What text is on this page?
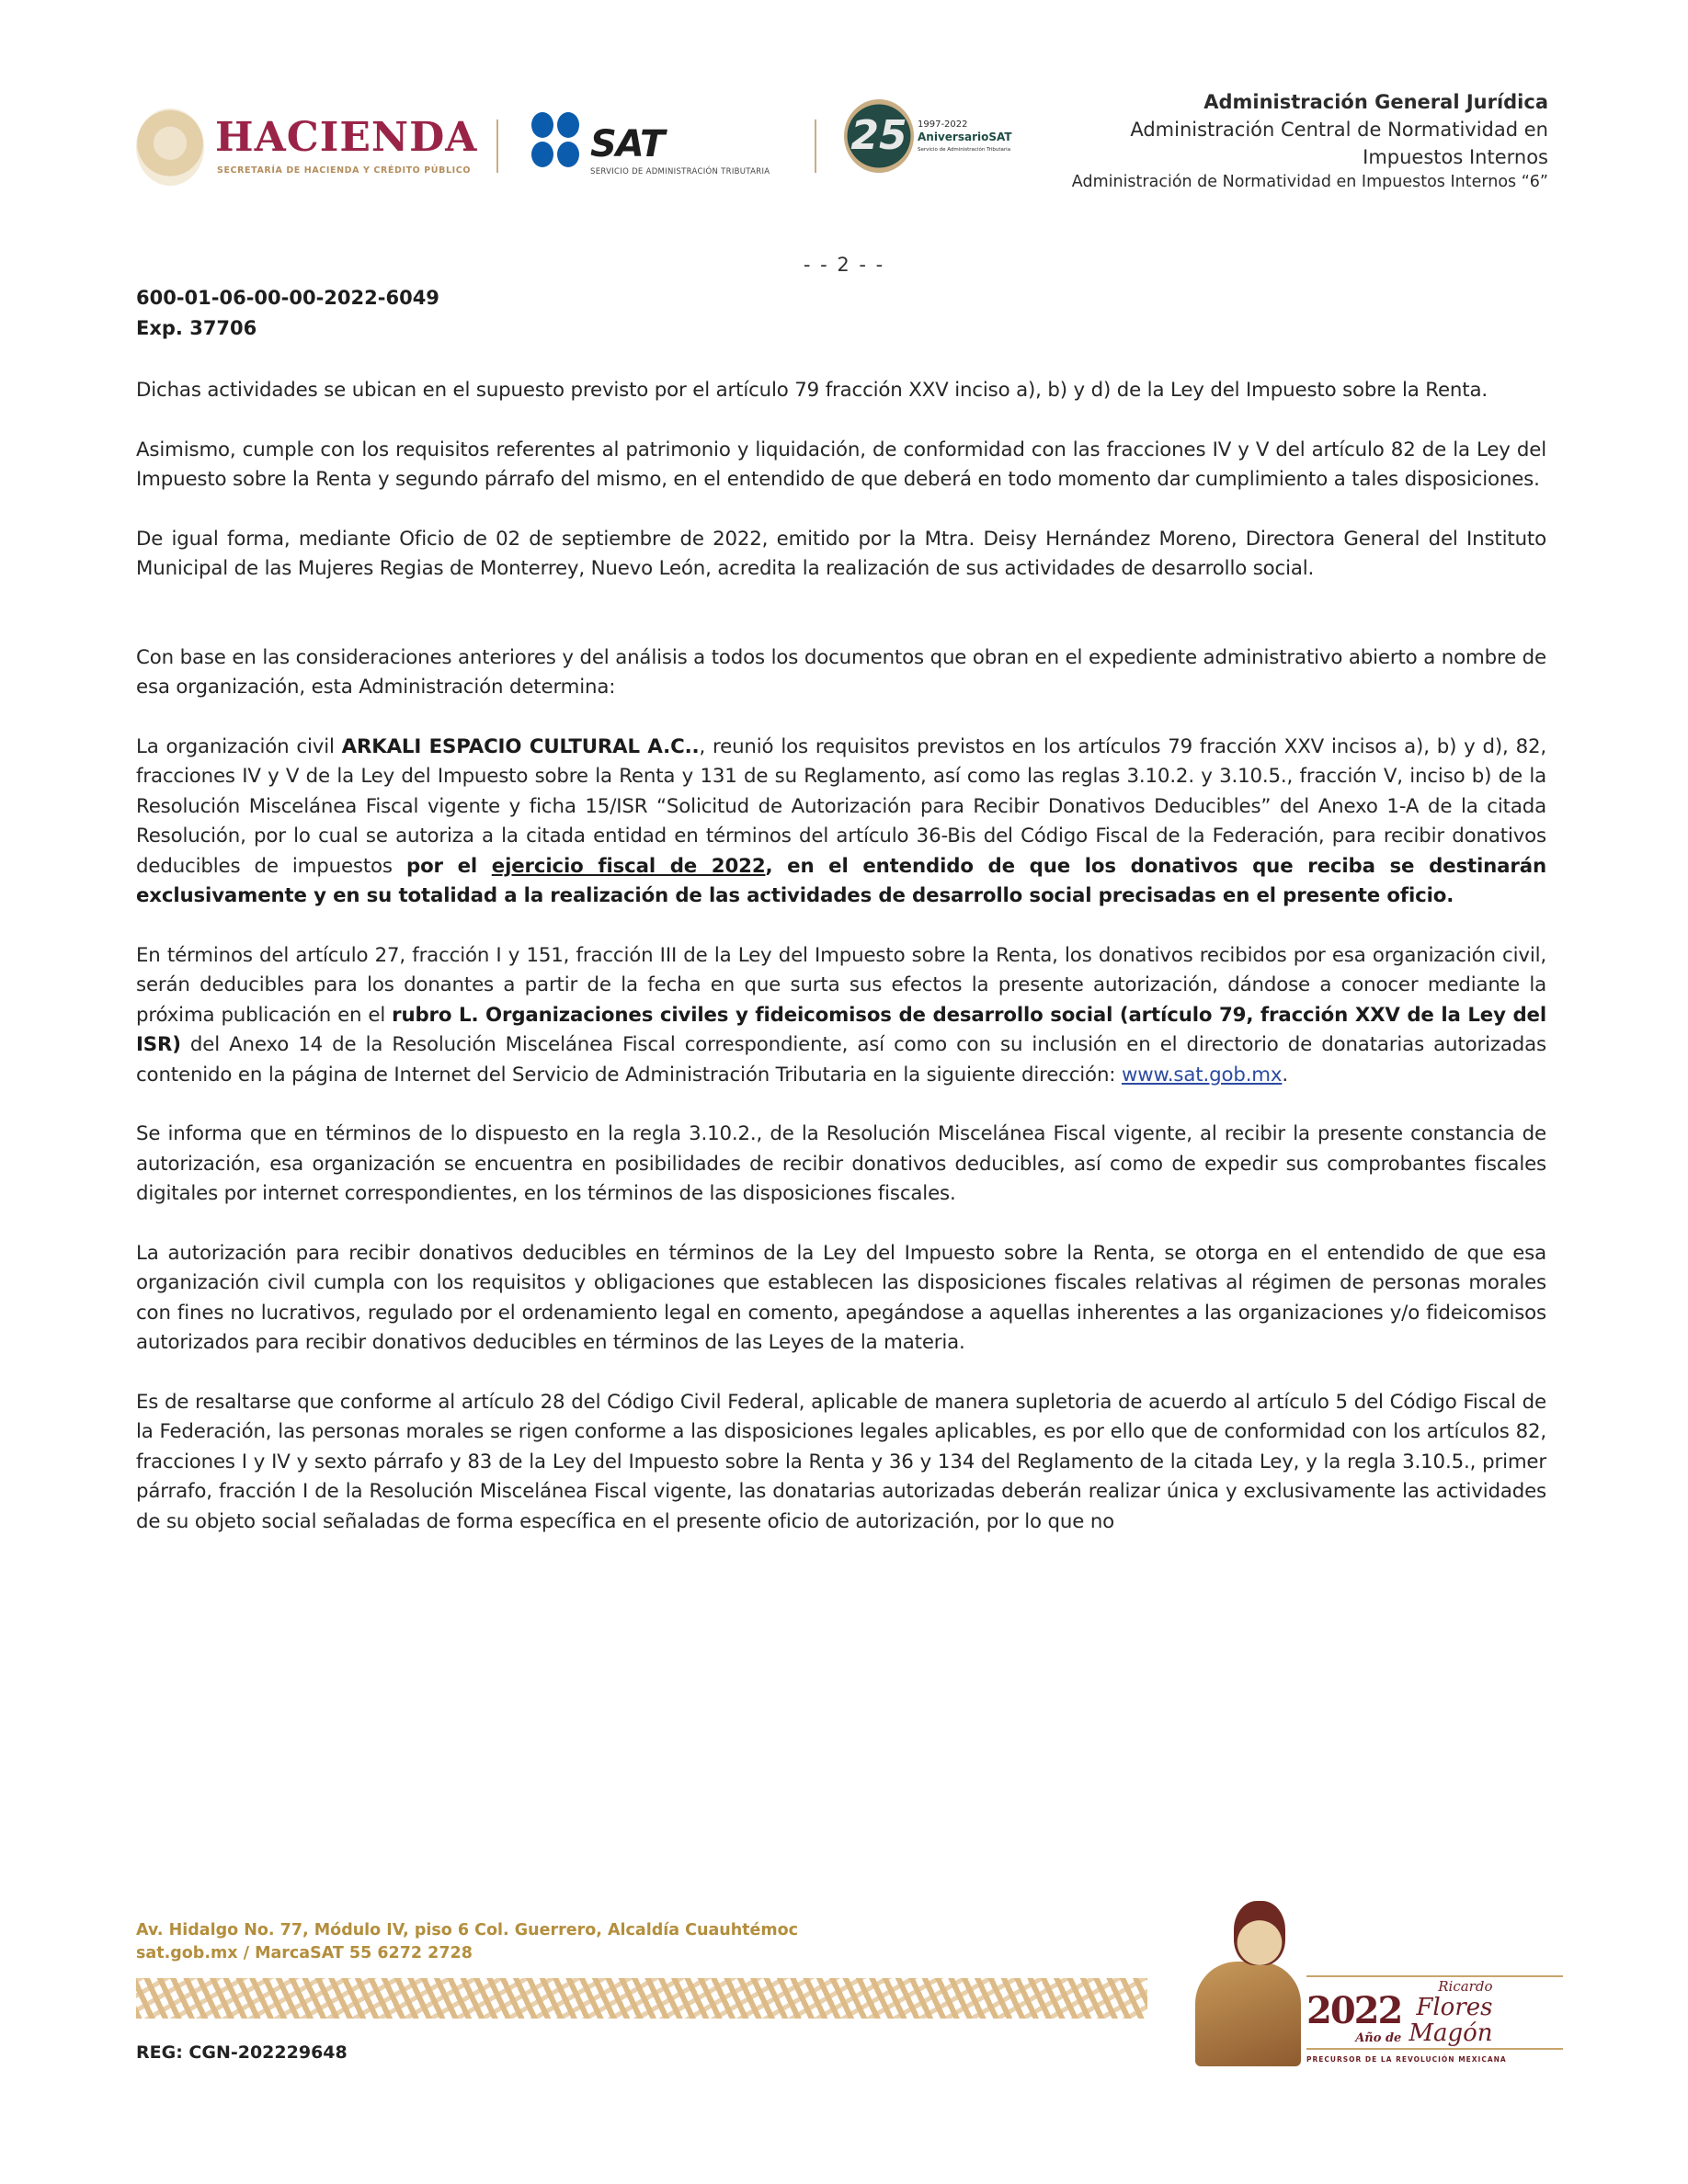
HACIENDA
SECRETARÍA DE HACIENDA Y CRÉDITO PÚBLICO
SAT
SERVICIO DE ADMINISTRACIÓN TRIBUTARIA
25	1997-2022
AniversarioSAT
Servicio de Administración Tributaria
Administración General Jurídica
Administración Central de Normatividad en Impuestos Internos
Administración de Normatividad en Impuestos Internos “6”
- - 2 - -
600-01-06-00-00-2022-6049
Exp. 37706

Dichas actividades se ubican en el supuesto previsto por el artículo 79 fracción XXV inciso a), b) y d) de la Ley del Impuesto sobre la Renta.

Asimismo, cumple con los requisitos referentes al patrimonio y liquidación, de conformidad con las fracciones IV y V del artículo 82 de la Ley del Impuesto sobre la Renta y segundo párrafo del mismo, en el entendido de que deberá en todo momento dar cumplimiento a tales disposiciones.

De igual forma, mediante Oficio de 02 de septiembre de 2022, emitido por la Mtra. Deisy Hernández Moreno, Directora General del Instituto Municipal de las Mujeres Regias de Monterrey, Nuevo León, acredita la realización de sus actividades de desarrollo social.

Con base en las consideraciones anteriores y del análisis a todos los documentos que obran en el expediente administrativo abierto a nombre de esa organización, esta Administración determina:

La organización civil ARKALI ESPACIO CULTURAL A.C.., reunió los requisitos previstos en los artículos 79 fracción XXV incisos a), b) y d), 82, fracciones IV y V de la Ley del Impuesto sobre la Renta y 131 de su Reglamento, así como las reglas 3.10.2. y 3.10.5., fracción V, inciso b) de la Resolución Miscelánea Fiscal vigente y ficha 15/ISR “Solicitud de Autorización para Recibir Donativos Deducibles” del Anexo 1-A de la citada Resolución, por lo cual se autoriza a la citada entidad en términos del artículo 36-Bis del Código Fiscal de la Federación, para recibir donativos deducibles de impuestos por el ejercicio fiscal de 2022, en el entendido de que los donativos que reciba se destinarán exclusivamente y en su totalidad a la realización de las actividades de desarrollo social precisadas en el presente oficio.

En términos del artículo 27, fracción I y 151, fracción III de la Ley del Impuesto sobre la Renta, los donativos recibidos por esa organización civil, serán deducibles para los donantes a partir de la fecha en que surta sus efectos la presente autorización, dándose a conocer mediante la próxima publicación en el rubro L. Organizaciones civiles y fideicomisos de desarrollo social (artículo 79, fracción XXV de la Ley del ISR) del Anexo 14 de la Resolución Miscelánea Fiscal correspondiente, así como con su inclusión en el directorio de donatarias autorizadas contenido en la página de Internet del Servicio de Administración Tributaria en la siguiente dirección: www.sat.gob.mx.

Se informa que en términos de lo dispuesto en la regla 3.10.2., de la Resolución Miscelánea Fiscal vigente, al recibir la presente constancia de autorización, esa organización se encuentra en posibilidades de recibir donativos deducibles, así como de expedir sus comprobantes fiscales digitales por internet correspondientes, en los términos de las disposiciones fiscales.

La autorización para recibir donativos deducibles en términos de la Ley del Impuesto sobre la Renta, se otorga en el entendido de que esa organización civil cumpla con los requisitos y obligaciones que establecen las disposiciones fiscales relativas al régimen de personas morales con fines no lucrativos, regulado por el ordenamiento legal en comento, apegándose a aquellas inherentes a las organizaciones y/o fideicomisos autorizados para recibir donativos deducibles en términos de las Leyes de la materia.

Es de resaltarse que conforme al artículo 28 del Código Civil Federal, aplicable de manera supletoria de acuerdo al artículo 5 del Código Fiscal de la Federación, las personas morales se rigen conforme a las disposiciones legales aplicables, es por ello que de conformidad con los artículos 82, fracciones I y IV y sexto párrafo y 83 de la Ley del Impuesto sobre la Renta y 36 y 134 del Reglamento de la citada Ley, y la regla 3.10.5., primer párrafo, fracción I de la Resolución Miscelánea Fiscal vigente, las donatarias autorizadas deberán realizar única y exclusivamente las actividades de su objeto social señaladas de forma específica en el presente oficio de autorización, por lo que no

Av. Hidalgo No. 77, Módulo IV, piso 6 Col. Guerrero, Alcaldía Cuauhtémoc
sat.gob.mx / MarcaSAT 55 6272 2728
REG: CGN-202229648
2022
Año de
Ricardo
Flores
Magón
PRECURSOR DE LA REVOLUCIÓN MEXICANA
